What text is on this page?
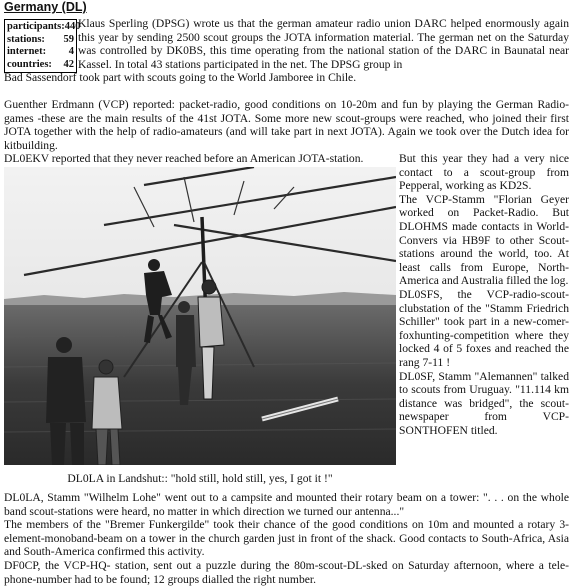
Germany (DL)
participants: 440
stations: 59
internet: 4
countries: 42

Klaus Sperling (DPSG) wrote us that the german amateur radio union DARC helped enormously again this year by sending 2500 scout groups the JOTA information material. The german net on the Saturday was controlled by DK0BS, this time operating from the national station of the DARC in Baunatal near Kassel. In total 43 stations participated in the net. The DPSG group in

Bad Sassendorf took part with scouts going to the World Jamboree in Chile.

Guenther Erdmann (VCP) reported: packet-radio, good conditions on 10-20m and fun by playing the German Radio-games -these are the main results of the 41st JOTA. Some more new scout-groups were reached, who joined their first JOTA together with the help of radio-amateurs (and will take part in next JOTA). Again we took over the Dutch idea for kitbuilding.

DL0EKV reported that they never reached before an American JOTA-station.	But this year they had a very nice contact to a scout-group from Pepperal, working as KD2S.

The VCP-Stamm "Florian Geyer worked on Packet-Radio. But DLOHMS made contacts in World-Convers via HB9F to other Scout-stations around the world, too. At least calls from Europe, North-America and Australia filled the log.

DL0SFS, the VCP-radio-scout-clubstation of the "Stamm Friedrich Schiller" took part in a new-comer-foxhunting-competition where they locked 4 of 5 foxes and reached the rang 7-11 !

DL0SF, Stamm "Alemannen" talked to scouts from Uruguay. "11.114 km distance was bridged", the scout-newspaper from VCP-SONTHOFEN titled.

DL0LA in Landshut:: "hold still, hold still, yes, I got it !"

DL0LA, Stamm "Wilhelm Lohe" went out to a campsite and mounted their rotary beam on a tower: ". . . on the whole band scout-stations were heard, no matter in which direction we turned our antenna..."

The members of the "Bremer Funkergilde" took their chance of the good conditions on 10m and mounted a rotary 3-element-monoband-beam on a tower in the church garden just in front of the shack. Good contacts to South-Africa, Asia and South-America confirmed this activity.

DF0CP, the VCP-HQ- station, sent out a puzzle during the 80m-scout-DL-sked on Saturday afternoon, where a tele-phone-number had to be found; 12 groups dialled the right number.
